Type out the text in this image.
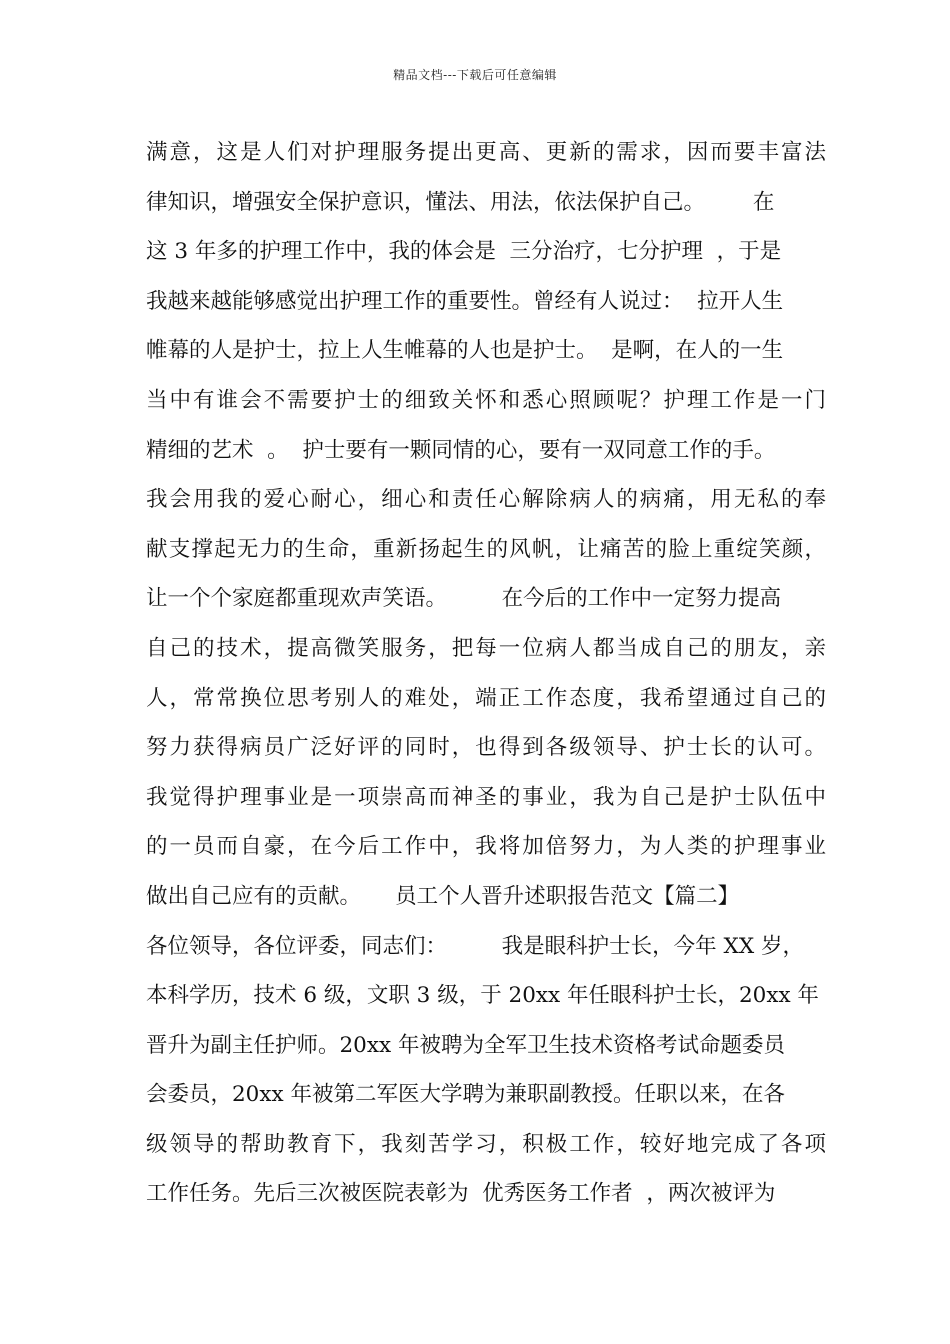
精品文档---下载后可任意编辑
满意，这是人们对护理服务提出更高、更新的需求，因而要丰富法
律知识，增强安全保护意识，懂法、用法，依法保护自己。       在
这 3 年多的护理工作中，我的体会是  三分治疗，七分护理  ，于是
我越来越能够感觉出护理工作的重要性。曾经有人说过：  拉开人生
帷幕的人是护士，拉上人生帷幕的人也是护士。  是啊，在人的一生
当中有谁会不需要护士的细致关怀和悉心照顾呢？护理工作是一门
精细的艺术  。  护士要有一颗同情的心，要有一双同意工作的手。
我会用我的爱心耐心，细心和责任心解除病人的病痛，用无私的奉
献支撑起无力的生命，重新扬起生的风帆，让痛苦的脸上重绽笑颜，
让一个个家庭都重现欢声笑语。        在今后的工作中一定努力提高
自己的技术，提高微笑服务，把每一位病人都当成自己的朋友，亲
人，常常换位思考别人的难处，端正工作态度，我希望通过自己的
努力获得病员广泛好评的同时，也得到各级领导、护士长的认可。
我觉得护理事业是一项崇高而神圣的事业，我为自己是护士队伍中
的一员而自豪，在今后工作中，我将加倍努力，为人类的护理事业
做出自己应有的贡献。     员工个人晋升述职报告范文【篇二】
各位领导，各位评委，同志们：        我是眼科护士长，今年 XX 岁，
本科学历，技术 6 级，文职 3 级，于 20xx 年任眼科护士长，20xx 年
晋升为副主任护师。20xx 年被聘为全军卫生技术资格考试命题委员
会委员，20xx 年被第二军医大学聘为兼职副教授。任职以来，在各
级领导的帮助教育下，我刻苦学习，积极工作，较好地完成了各项
工作任务。先后三次被医院表彰为  优秀医务工作者  ，两次被评为
